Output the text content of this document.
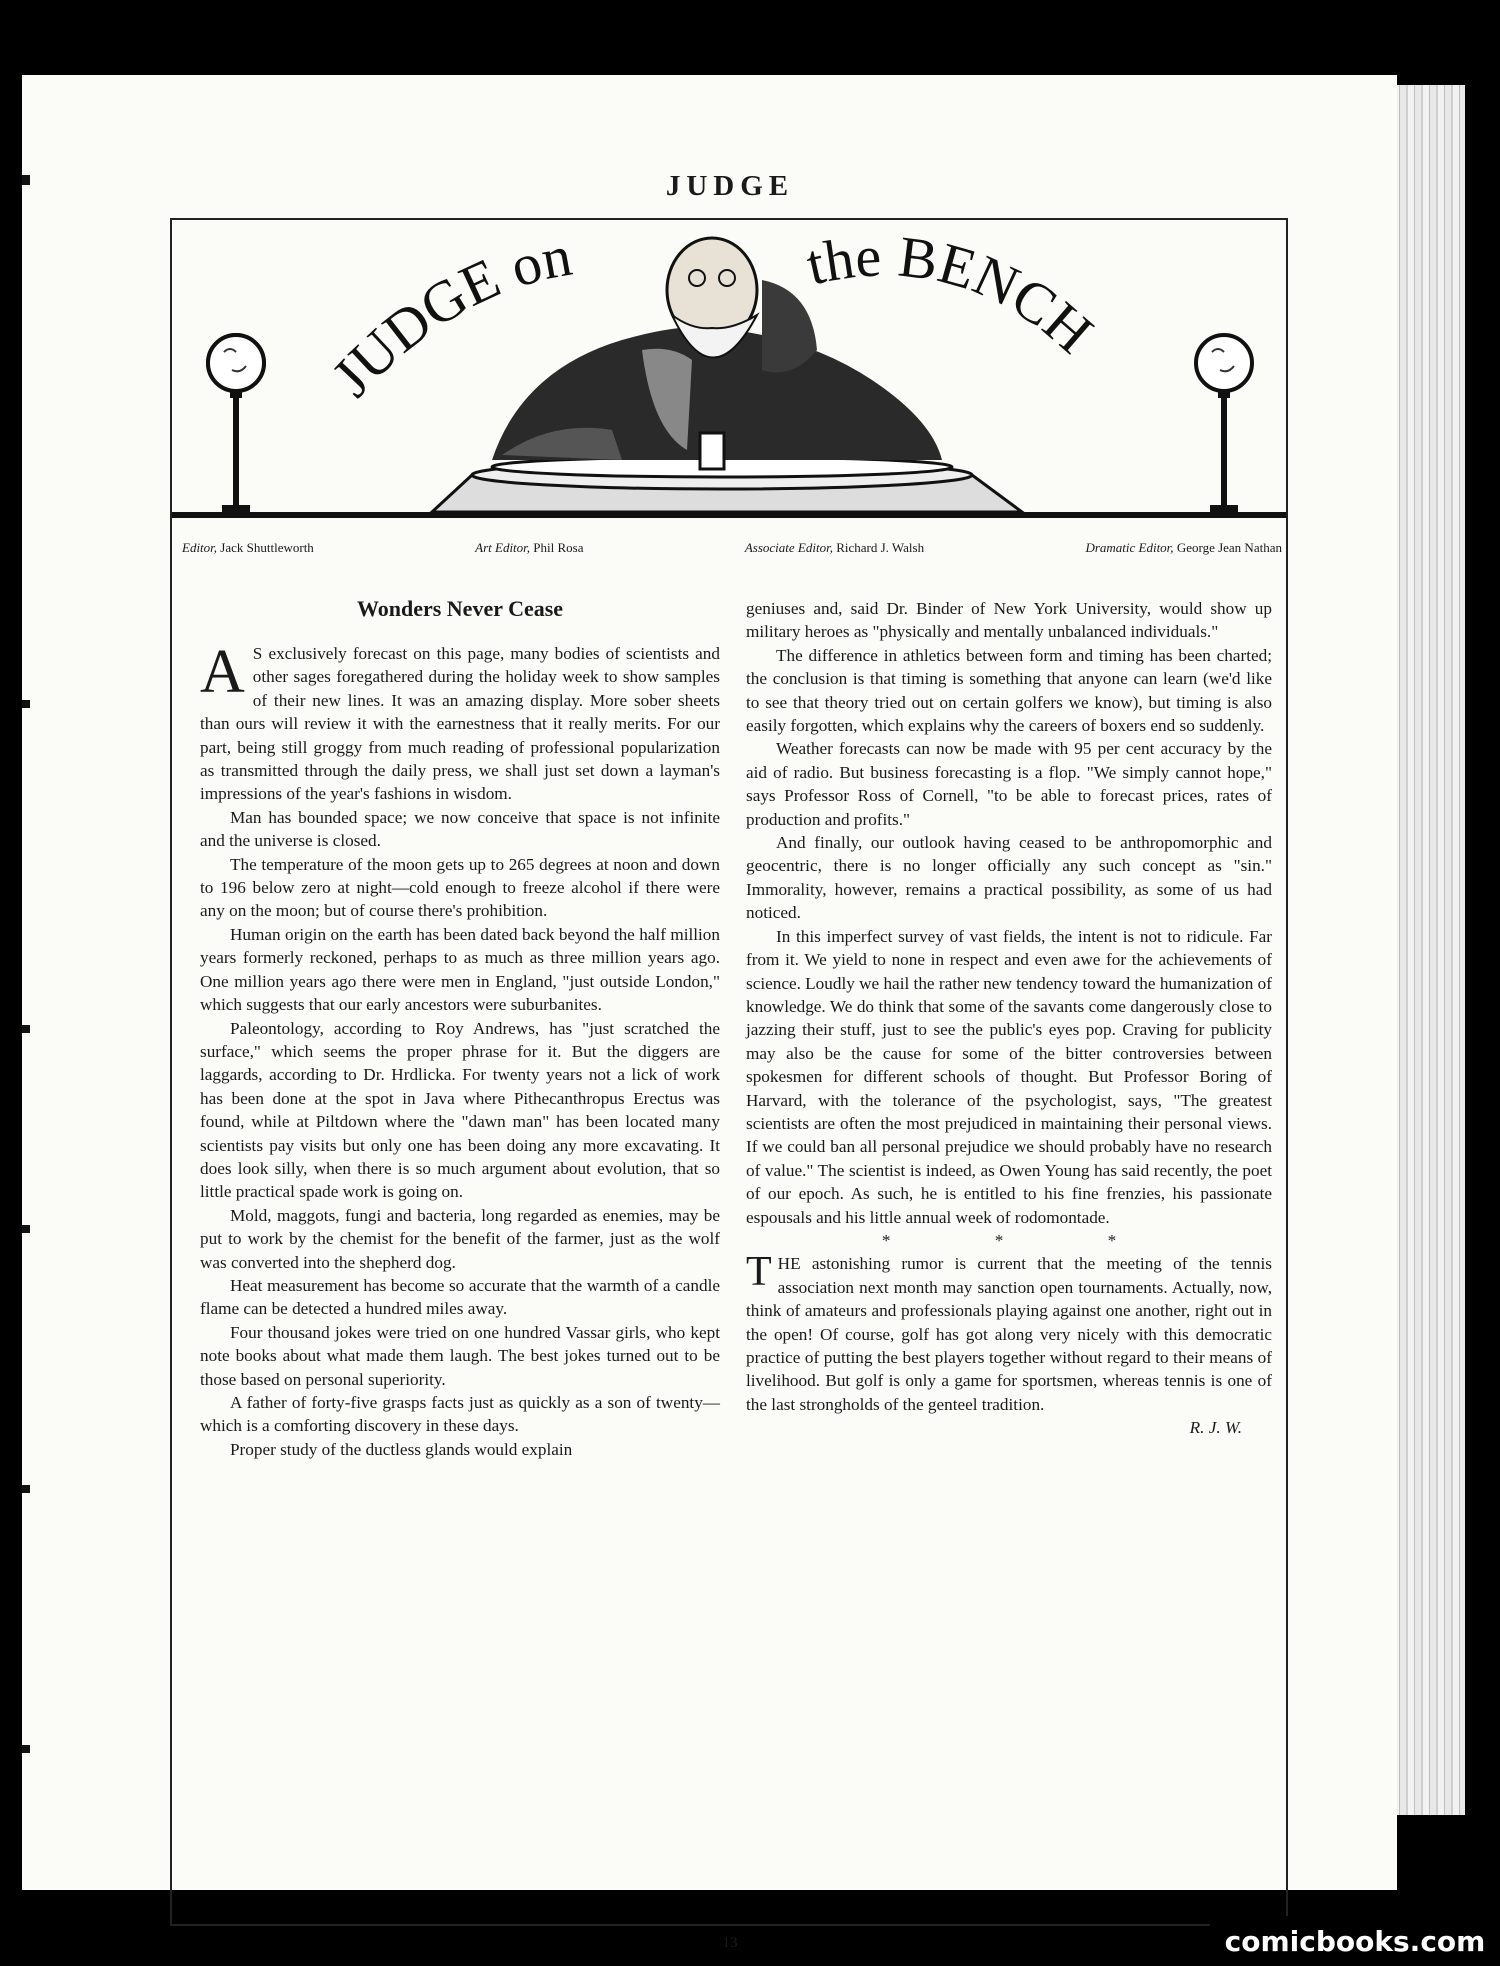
JUDGE
JUDGE on	the BENCH
Editor, Jack Shuttleworth	Art Editor, Phil Rosa	Associate Editor, Richard J. Walsh	Dramatic Editor, George Jean Nathan
Wonders Never Cease

A S exclusively forecast on this page, many bodies of scientists and other sages foregathered during the holiday week to show samples of their new lines. It was an amazing display. More sober sheets than ours will review it with the earnestness that it really merits. For our part, being still groggy from much reading of professional popularization as transmitted through the daily press, we shall just set down a layman's impressions of the year's fashions in wisdom.

Man has bounded space; we now conceive that space is not infinite and the universe is closed.

The temperature of the moon gets up to 265 degrees at noon and down to 196 below zero at night—cold enough to freeze alcohol if there were any on the moon; but of course there's prohibition.

Human origin on the earth has been dated back beyond the half million years formerly reckoned, perhaps to as much as three million years ago. One million years ago there were men in England, "just outside London," which suggests that our early ancestors were suburbanites.

Paleontology, according to Roy Andrews, has "just scratched the surface," which seems the proper phrase for it. But the diggers are laggards, according to Dr. Hrdlicka. For twenty years not a lick of work has been done at the spot in Java where Pithecanthropus Erectus was found, while at Piltdown where the "dawn man" has been located many scientists pay visits but only one has been doing any more excavating. It does look silly, when there is so much argument about evolution, that so little practical spade work is going on.

Mold, maggots, fungi and bacteria, long regarded as enemies, may be put to work by the chemist for the benefit of the farmer, just as the wolf was converted into the shepherd dog.

Heat measurement has become so accurate that the warmth of a candle flame can be detected a hundred miles away.

Four thousand jokes were tried on one hundred Vassar girls, who kept note books about what made them laugh. The best jokes turned out to be those based on personal superiority.

A father of forty-five grasps facts just as quickly as a son of twenty—which is a comforting discovery in these days.

Proper study of the ductless glands would explain

geniuses and, said Dr. Binder of New York University, would show up military heroes as "physically and mentally unbalanced individuals."

The difference in athletics between form and timing has been charted; the conclusion is that timing is something that anyone can learn (we'd like to see that theory tried out on certain golfers we know), but timing is also easily forgotten, which explains why the careers of boxers end so suddenly.

Weather forecasts can now be made with 95 per cent accuracy by the aid of radio. But business forecasting is a flop. "We simply cannot hope," says Professor Ross of Cornell, "to be able to forecast prices, rates of production and profits."

And finally, our outlook having ceased to be anthropomorphic and geocentric, there is no longer officially any such concept as "sin." Immorality, however, remains a practical possibility, as some of us had noticed.

In this imperfect survey of vast fields, the intent is not to ridicule. Far from it. We yield to none in respect and even awe for the achievements of science. Loudly we hail the rather new tendency toward the humanization of knowledge. We do think that some of the savants come dangerously close to jazzing their stuff, just to see the public's eyes pop. Craving for publicity may also be the cause for some of the bitter controversies between spokesmen for different schools of thought. But Professor Boring of Harvard, with the tolerance of the psychologist, says, "The greatest scientists are often the most prejudiced in maintaining their personal views. If we could ban all personal prejudice we should probably have no research of value." The scientist is indeed, as Owen Young has said recently, the poet of our epoch. As such, he is entitled to his fine frenzies, his passionate espousals and his little annual week of rodomontade.

* * *

THE astonishing rumor is current that the meeting of the tennis association next month may sanction open tournaments. Actually, now, think of amateurs and professionals playing against one another, right out in the open! Of course, golf has got along very nicely with this democratic practice of putting the best players together without regard to their means of livelihood. But golf is only a game for sportsmen, whereas tennis is one of the last strongholds of the genteel tradition.

R. J. W.

13	comicbooks.com
